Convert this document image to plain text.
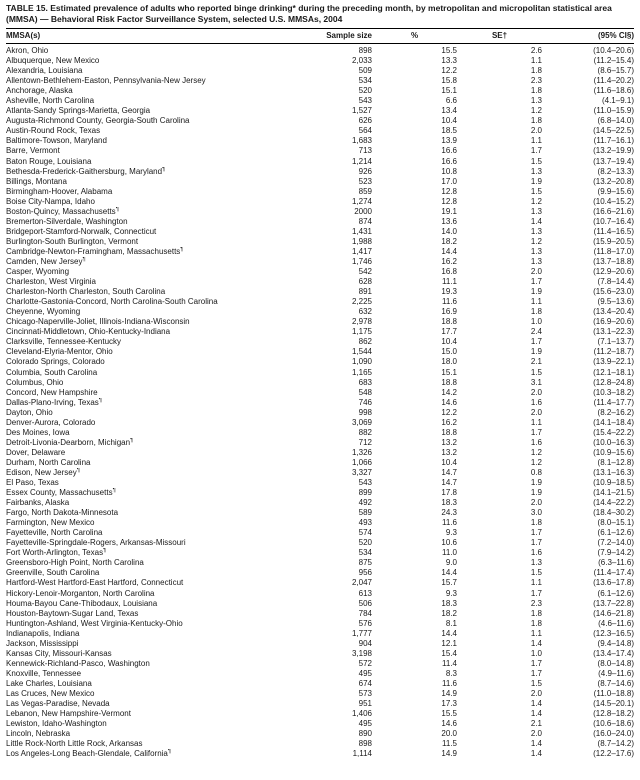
TABLE 15. Estimated prevalence of adults who reported binge drinking* during the preceding month, by metropolitan and micropolitan statistical area (MMSA) — Behavioral Risk Factor Surveillance System, selected U.S. MMSAs, 2004
MMSA(s)	Sample size	%	SE†	(95% CI§)
Akron, Ohio	898	15.5	2.6	(10.4–20.6)
Albuquerque, New Mexico	2,033	13.3	1.1	(11.2–15.4)
Alexandria, Louisiana	509	12.2	1.8	(8.6–15.7)
Allentown-Bethlehem-Easton, Pennsylvania-New Jersey	534	15.8	2.3	(11.4–20.2)
Anchorage, Alaska	520	15.1	1.8	(11.6–18.6)
Asheville, North Carolina	543	6.6	1.3	(4.1–9.1)
Atlanta-Sandy Springs-Marietta, Georgia	1,527	13.4	1.2	(11.0–15.9)
Augusta-Richmond County, Georgia-South Carolina	626	10.4	1.8	(6.8–14.0)
Austin-Round Rock, Texas	564	18.5	2.0	(14.5–22.5)
Baltimore-Towson, Maryland	1,683	13.9	1.1	(11.7–16.1)
Barre, Vermont	713	16.6	1.7	(13.2–19.9)
Baton Rouge, Louisiana	1,214	16.6	1.5	(13.7–19.4)
Bethesda-Frederick-Gaithersburg, Maryland¶	926	10.8	1.3	(8.2–13.3)
Billings, Montana	523	17.0	1.9	(13.2–20.8)
Birmingham-Hoover, Alabama	859	12.8	1.5	(9.9–15.6)
Boise City-Nampa, Idaho	1,274	12.8	1.2	(10.4–15.2)
Boston-Quincy, Massachusetts¶	2000	19.1	1.3	(16.6–21.6)
Bremerton-Silverdale, Washington	874	13.6	1.4	(10.7–16.4)
Bridgeport-Stamford-Norwalk, Connecticut	1,431	14.0	1.3	(11.4–16.5)
Burlington-South Burlington, Vermont	1,988	18.2	1.2	(15.9–20.5)
Cambridge-Newton-Framingham, Massachusetts¶	1,417	14.4	1.3	(11.8–17.0)
Camden, New Jersey¶	1,746	16.2	1.3	(13.7–18.8)
Casper, Wyoming	542	16.8	2.0	(12.9–20.6)
Charleston, West Virginia	628	11.1	1.7	(7.8–14.4)
Charleston-North Charleston, South Carolina	891	19.3	1.9	(15.6–23.0)
Charlotte-Gastonia-Concord, North Carolina-South Carolina	2,225	11.6	1.1	(9.5–13.6)
Cheyenne, Wyoming	632	16.9	1.8	(13.4–20.4)
Chicago-Naperville-Joliet, Illinois-Indiana-Wisconsin	2,978	18.8	1.0	(16.9–20.6)
Cincinnati-Middletown, Ohio-Kentucky-Indiana	1,175	17.7	2.4	(13.1–22.3)
Clarksville, Tennessee-Kentucky	862	10.4	1.7	(7.1–13.7)
Cleveland-Elyria-Mentor, Ohio	1,544	15.0	1.9	(11.2–18.7)
Colorado Springs, Colorado	1,090	18.0	2.1	(13.9–22.1)
Columbia, South Carolina	1,165	15.1	1.5	(12.1–18.1)
Columbus, Ohio	683	18.8	3.1	(12.8–24.8)
Concord, New Hampshire	548	14.2	2.0	(10.3–18.2)
Dallas-Plano-Irving, Texas¶	746	14.6	1.6	(11.4–17.7)
Dayton, Ohio	998	12.2	2.0	(8.2–16.2)
Denver-Aurora, Colorado	3,069	16.2	1.1	(14.1–18.4)
Des Moines, Iowa	882	18.8	1.7	(15.4–22.2)
Detroit-Livonia-Dearborn, Michigan¶	712	13.2	1.6	(10.0–16.3)
Dover, Delaware	1,326	13.2	1.2	(10.9–15.6)
Durham, North Carolina	1,066	10.4	1.2	(8.1–12.8)
Edison, New Jersey¶	3,327	14.7	0.8	(13.1–16.3)
El Paso, Texas	543	14.7	1.9	(10.9–18.5)
Essex County, Massachusetts¶	899	17.8	1.9	(14.1–21.5)
Fairbanks, Alaska	492	18.3	2.0	(14.4–22.2)
Fargo, North Dakota-Minnesota	589	24.3	3.0	(18.4–30.2)
Farmington, New Mexico	493	11.6	1.8	(8.0–15.1)
Fayetteville, North Carolina	574	9.3	1.7	(6.1–12.6)
Fayetteville-Springdale-Rogers, Arkansas-Missouri	520	10.6	1.7	(7.2–14.0)
Fort Worth-Arlington, Texas¶	534	11.0	1.6	(7.9–14.2)
Greensboro-High Point, North Carolina	875	9.0	1.3	(6.3–11.6)
Greenville, South Carolina	956	14.4	1.5	(11.4–17.4)
Hartford-West Hartford-East Hartford, Connecticut	2,047	15.7	1.1	(13.6–17.8)
Hickory-Lenoir-Morganton, North Carolina	613	9.3	1.7	(6.1–12.6)
Houma-Bayou Cane-Thibodaux, Louisiana	506	18.3	2.3	(13.7–22.8)
Houston-Baytown-Sugar Land, Texas	784	18.2	1.8	(14.6–21.8)
Huntington-Ashland, West Virginia-Kentucky-Ohio	576	8.1	1.8	(4.6–11.6)
Indianapolis, Indiana	1,777	14.4	1.1	(12.3–16.5)
Jackson, Mississippi	904	12.1	1.4	(9.4–14.8)
Kansas City, Missouri-Kansas	3,198	15.4	1.0	(13.4–17.4)
Kennewick-Richland-Pasco, Washington	572	11.4	1.7	(8.0–14.8)
Knoxville, Tennessee	495	8.3	1.7	(4.9–11.6)
Lake Charles, Louisiana	674	11.6	1.5	(8.7–14.6)
Las Cruces, New Mexico	573	14.9	2.0	(11.0–18.8)
Las Vegas-Paradise, Nevada	951	17.3	1.4	(14.5–20.1)
Lebanon, New Hampshire-Vermont	1,406	15.5	1.4	(12.8–18.2)
Lewiston, Idaho-Washington	495	14.6	2.1	(10.6–18.6)
Lincoln, Nebraska	890	20.0	2.0	(16.0–24.0)
Little Rock-North Little Rock, Arkansas	898	11.5	1.4	(8.7–14.2)
Los Angeles-Long Beach-Glendale, California¶	1,114	14.9	1.4	(12.2–17.6)
